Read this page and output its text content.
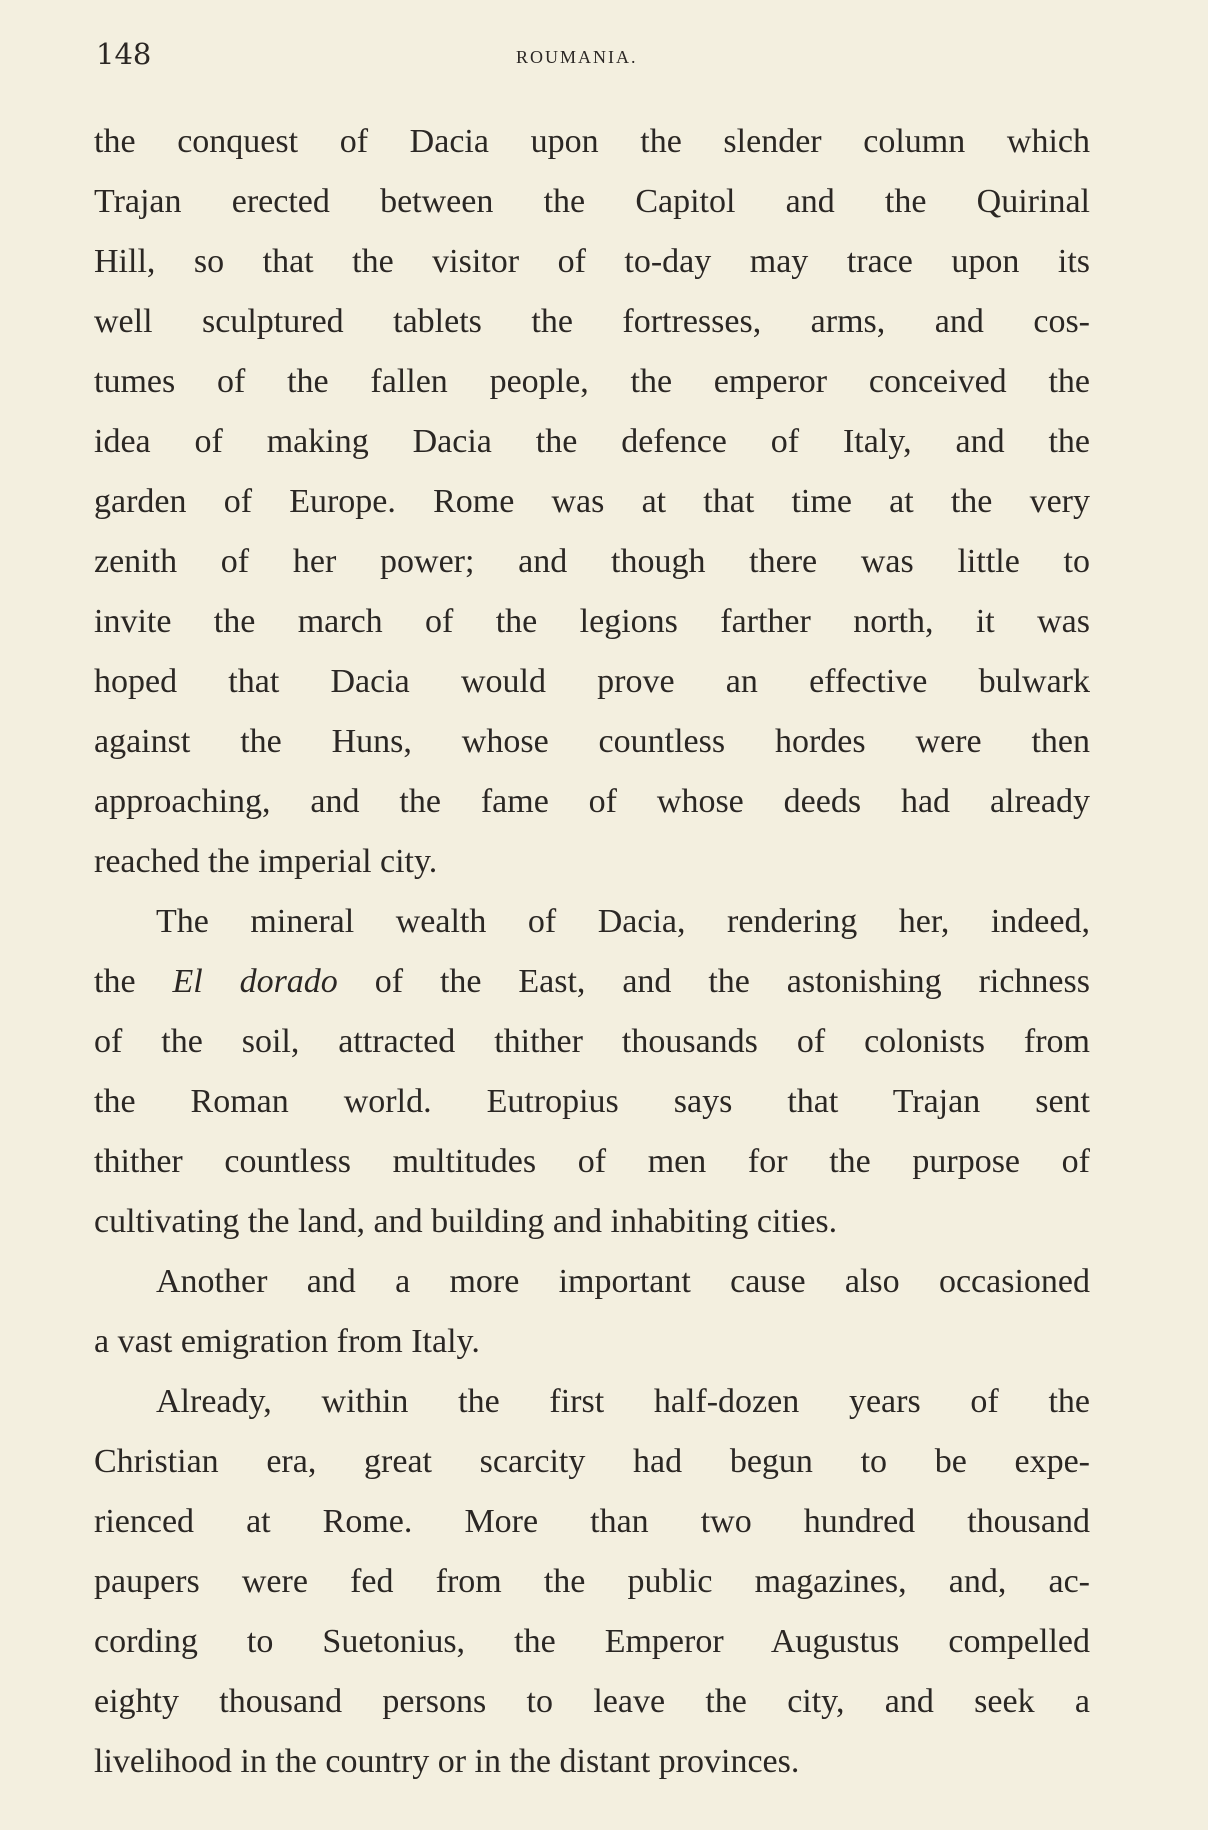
148	ROUMANIA.

the conquest of Dacia upon the slender column which
Trajan erected between the Capitol and the Quirinal
Hill, so that the visitor of to-day may trace upon its
well sculptured tablets the fortresses, arms, and cos-
tumes of the fallen people, the emperor conceived the
idea of making Dacia the defence of Italy, and the
garden of Europe. Rome was at that time at the very
zenith of her power; and though there was little to
invite the march of the legions farther north, it was
hoped that Dacia would prove an effective bulwark
against the Huns, whose countless hordes were then
approaching, and the fame of whose deeds had already
reached the imperial city.

The mineral wealth of Dacia, rendering her, indeed,
the El dorado of the East, and the astonishing richness
of the soil, attracted thither thousands of colonists from
the Roman world. Eutropius says that Trajan sent
thither countless multitudes of men for the purpose of
cultivating the land, and building and inhabiting cities.

Another and a more important cause also occasioned
a vast emigration from Italy.

Already, within the first half-dozen years of the
Christian era, great scarcity had begun to be expe-
rienced at Rome. More than two hundred thousand
paupers were fed from the public magazines, and, ac-
cording to Suetonius, the Emperor Augustus compelled
eighty thousand persons to leave the city, and seek a
livelihood in the country or in the distant provinces.
